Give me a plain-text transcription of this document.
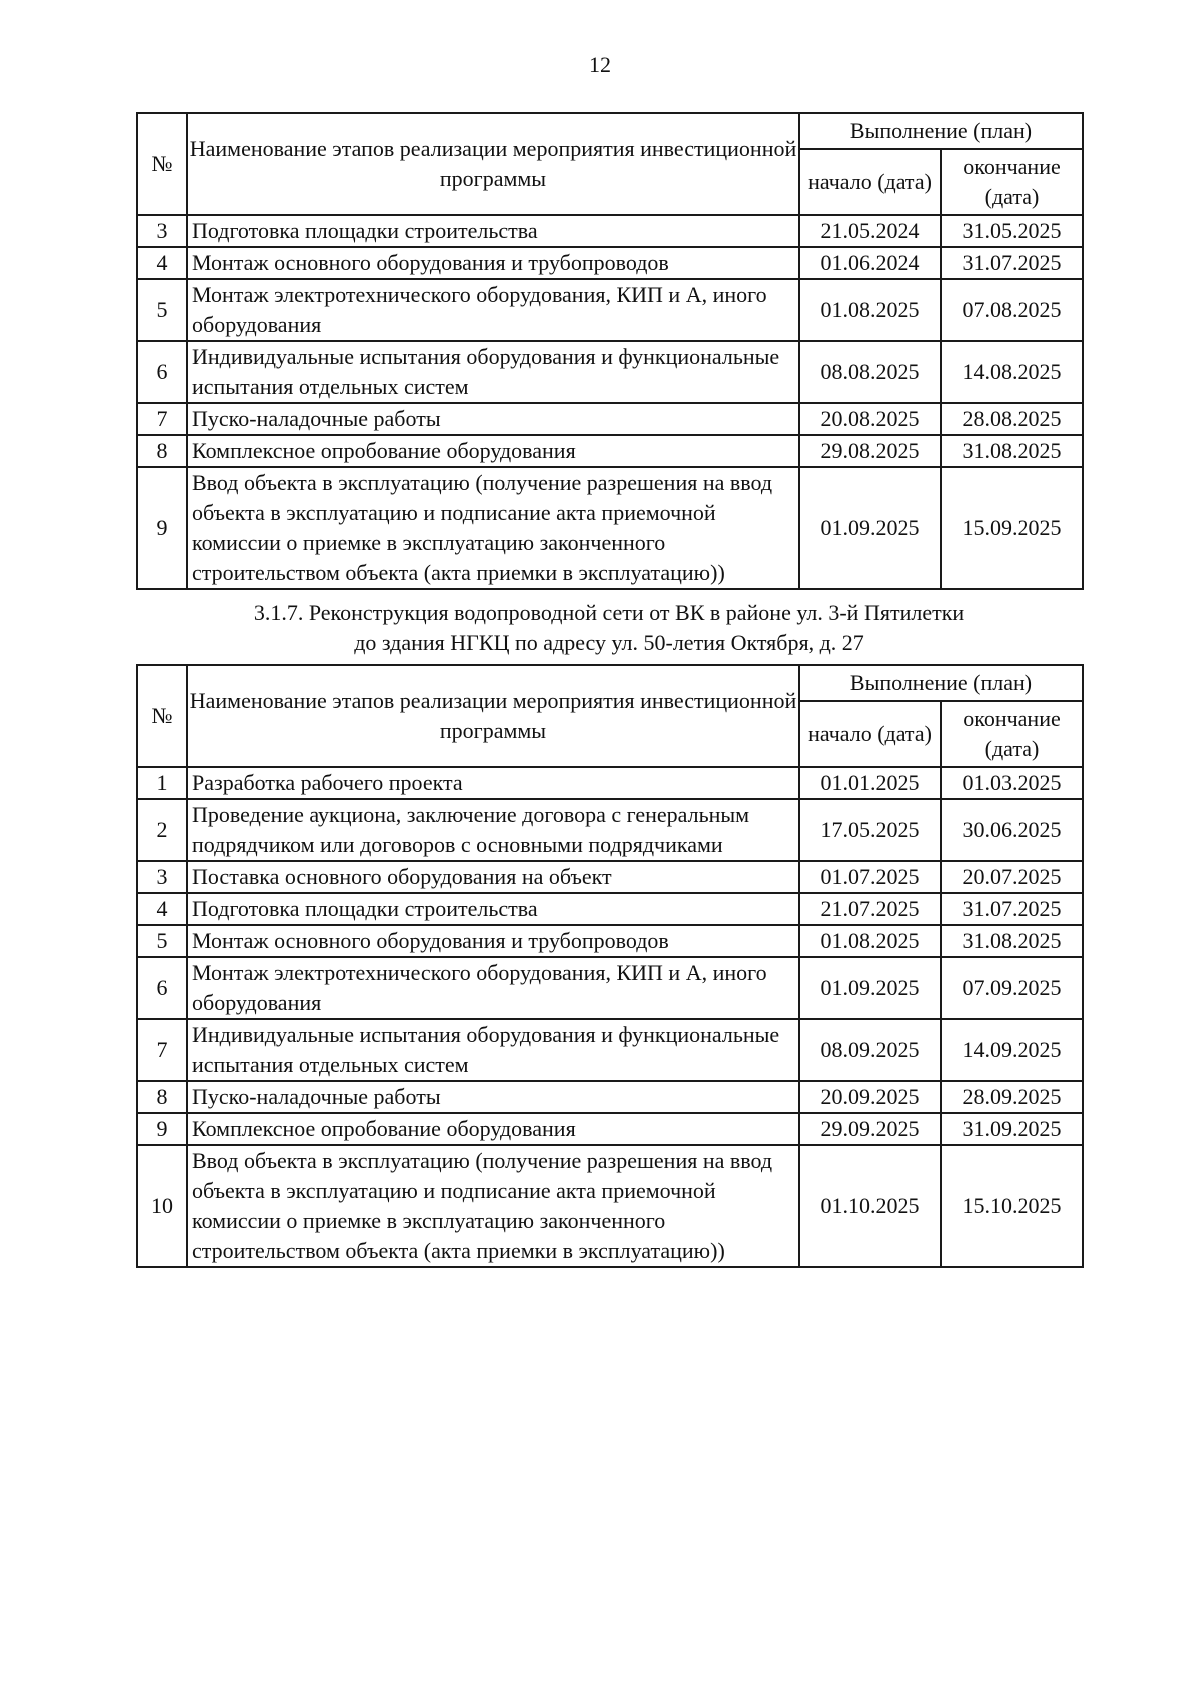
12
№	Наименование этапов реализации мероприятия инвестиционной программы	Выполнение (план)	
		начало (дата)	окончание (дата)
3	Подготовка площадки строительства	21.05.2024	31.05.2025
4	Монтаж основного оборудования и трубопроводов	01.06.2024	31.07.2025
5	Монтаж электротехнического оборудования, КИП и А, иного оборудования	01.08.2025	07.08.2025
6	Индивидуальные испытания оборудования и функциональные испытания отдельных систем	08.08.2025	14.08.2025
7	Пуско-наладочные работы	20.08.2025	28.08.2025
8	Комплексное опробование оборудования	29.08.2025	31.08.2025
9	Ввод объекта в эксплуатацию (получение разрешения на ввод объекта в эксплуатацию и подписание акта приемочной комиссии о приемке в эксплуатацию законченного строительством объекта (акта приемки в эксплуатацию))	01.09.2025	15.09.2025
3.1.7. Реконструкция водопроводной сети от ВК в районе ул. 3-й Пятилетки
до здания НГКЦ по адресу ул. 50-летия Октября, д. 27
№	Наименование этапов реализации мероприятия инвестиционной программы	Выполнение (план)	
		начало (дата)	окончание (дата)
1	Разработка рабочего проекта	01.01.2025	01.03.2025
2	Проведение аукциона, заключение договора с генеральным подрядчиком или договоров с основными подрядчиками	17.05.2025	30.06.2025
3	Поставка основного оборудования на объект	01.07.2025	20.07.2025
4	Подготовка площадки строительства	21.07.2025	31.07.2025
5	Монтаж основного оборудования и трубопроводов	01.08.2025	31.08.2025
6	Монтаж электротехнического оборудования, КИП и А, иного оборудования	01.09.2025	07.09.2025
7	Индивидуальные испытания оборудования и функциональные испытания отдельных систем	08.09.2025	14.09.2025
8	Пуско-наладочные работы	20.09.2025	28.09.2025
9	Комплексное опробование оборудования	29.09.2025	31.09.2025
10	Ввод объекта в эксплуатацию (получение разрешения на ввод объекта в эксплуатацию и подписание акта приемочной комиссии о приемке в эксплуатацию законченного строительством объекта (акта приемки в эксплуатацию))	01.10.2025	15.10.2025
